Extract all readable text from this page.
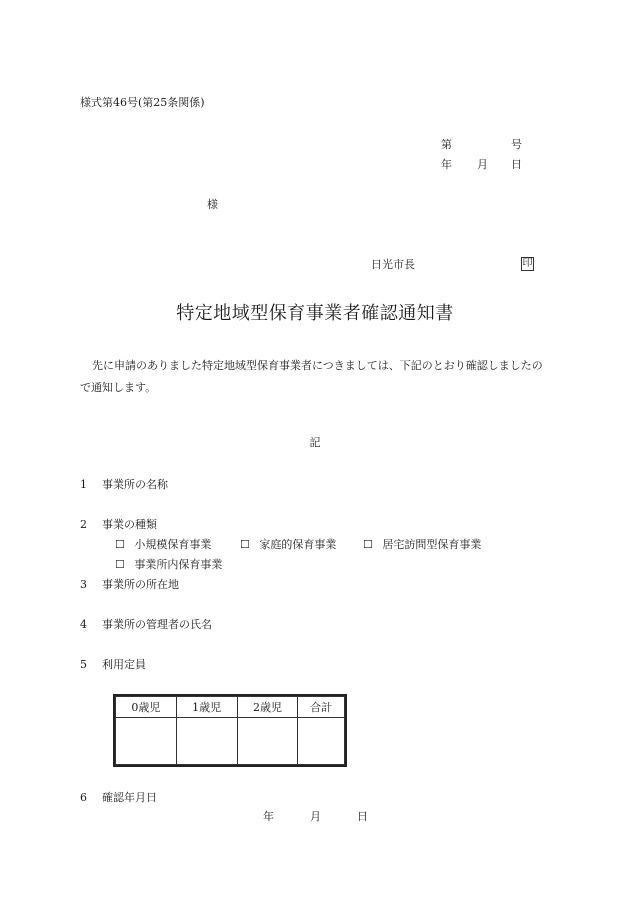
様式第46号(第25条関係)
第	号
年 月 日
様
日光市長	印
特定地域型保育事業者確認通知書
先に申請のありました特定地域型保育事業者につきましては、下記のとおり確認しましたので通知します。
記
1 事業所の名称
2 事業の種類
☐ 小規模保育事業	☐ 家庭的保育事業 ☐ 居宅訪問型保育事業
☐ 事業所内保育事業
3 事業所の所在地
4 事業所の管理者の氏名
5 利用定員
0歳児	1歳児	2歳児	合計

6 確認年月日
年	月	日
